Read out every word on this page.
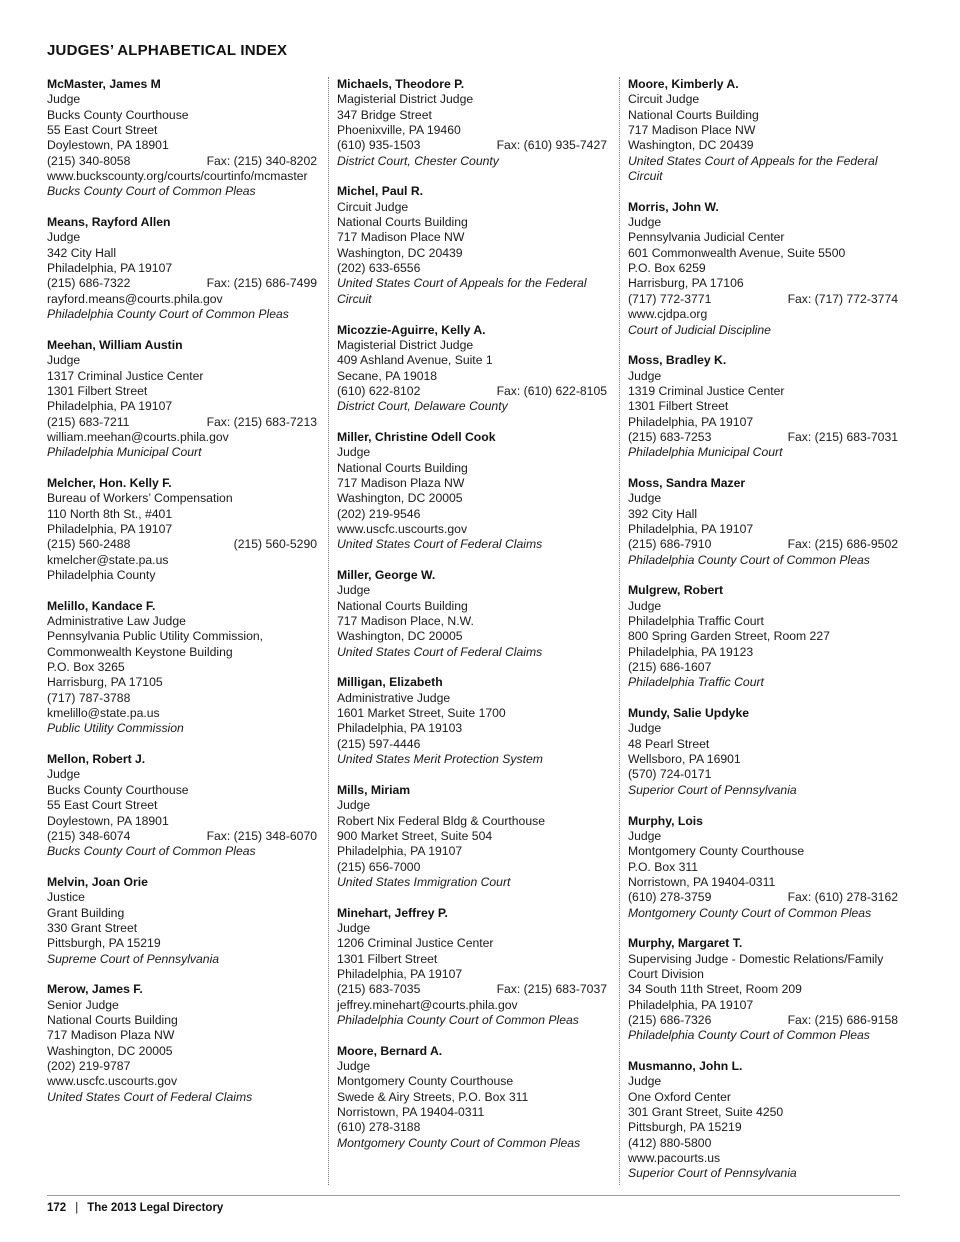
JUDGES’ ALPHABETICAL INDEX
McMaster, James M
Judge
Bucks County Courthouse
55 East Court Street
Doylestown, PA 18901
(215) 340-8058	Fax: (215) 340-8202
www.buckscounty.org/courts/courtinfo/mcmaster
Bucks County Court of Common Pleas
Means, Rayford Allen
Judge
342 City Hall
Philadelphia, PA 19107
(215) 686-7322	Fax: (215) 686-7499
rayford.means@courts.phila.gov
Philadelphia County Court of Common Pleas
Meehan, William Austin
Judge
1317 Criminal Justice Center
1301 Filbert Street
Philadelphia, PA 19107
(215) 683-7211	Fax: (215) 683-7213
william.meehan@courts.phila.gov
Philadelphia Municipal Court
Melcher, Hon. Kelly F.
Bureau of Workers’ Compensation
110 North 8th St., #401
Philadelphia, PA 19107
(215) 560-2488	(215) 560-5290
kmelcher@state.pa.us
Philadelphia County
Melillo, Kandace F.
Administrative Law Judge
Pennsylvania Public Utility Commission,
Commonwealth Keystone Building
P.O. Box 3265
Harrisburg, PA 17105
(717) 787-3788
kmelillo@state.pa.us
Public Utility Commission
Mellon, Robert J.
Judge
Bucks County Courthouse
55 East Court Street
Doylestown, PA 18901
(215) 348-6074	Fax: (215) 348-6070
Bucks County Court of Common Pleas
Melvin, Joan Orie
Justice
Grant Building
330 Grant Street
Pittsburgh, PA 15219
Supreme Court of Pennsylvania
Merow, James F.
Senior Judge
National Courts Building
717 Madison Plaza NW
Washington, DC 20005
(202) 219-9787
www.uscfc.uscourts.gov
United States Court of Federal Claims
Michaels, Theodore P.
Magisterial District Judge
347 Bridge Street
Phoenixville, PA 19460
(610) 935-1503	Fax: (610) 935-7427
District Court, Chester County
Michel, Paul R.
Circuit Judge
National Courts Building
717 Madison Place NW
Washington, DC 20439
(202) 633-6556
United States Court of Appeals for the Federal Circuit
Micozzie-Aguirre, Kelly A.
Magisterial District Judge
409 Ashland Avenue, Suite 1
Secane, PA 19018
(610) 622-8102	Fax: (610) 622-8105
District Court, Delaware County
Miller, Christine Odell Cook
Judge
National Courts Building
717 Madison Plaza NW
Washington, DC 20005
(202) 219-9546
www.uscfc.uscourts.gov
United States Court of Federal Claims
Miller, George W.
Judge
National Courts Building
717 Madison Place, N.W.
Washington, DC 20005
United States Court of Federal Claims
Milligan, Elizabeth
Administrative Judge
1601 Market Street, Suite 1700
Philadelphia, PA 19103
(215) 597-4446
United States Merit Protection System
Mills, Miriam
Judge
Robert Nix Federal Bldg & Courthouse
900 Market Street, Suite 504
Philadelphia, PA 19107
(215) 656-7000
United States Immigration Court
Minehart, Jeffrey P.
Judge
1206 Criminal Justice Center
1301 Filbert Street
Philadelphia, PA 19107
(215) 683-7035	Fax: (215) 683-7037
jeffrey.minehart@courts.phila.gov
Philadelphia County Court of Common Pleas
Moore, Bernard A.
Judge
Montgomery County Courthouse
Swede & Airy Streets, P.O. Box 311
Norristown, PA 19404-0311
(610) 278-3188
Montgomery County Court of Common Pleas
Moore, Kimberly A.
Circuit Judge
National Courts Building
717 Madison Place NW
Washington, DC 20439
United States Court of Appeals for the Federal Circuit
Morris, John W.
Judge
Pennsylvania Judicial Center
601 Commonwealth Avenue, Suite 5500
P.O. Box 6259
Harrisburg, PA 17106
(717) 772-3771	Fax: (717) 772-3774
www.cjdpa.org
Court of Judicial Discipline
Moss, Bradley K.
Judge
1319 Criminal Justice Center
1301 Filbert Street
Philadelphia, PA 19107
(215) 683-7253	Fax: (215) 683-7031
Philadelphia Municipal Court
Moss, Sandra Mazer
Judge
392 City Hall
Philadelphia, PA 19107
(215) 686-7910	Fax: (215) 686-9502
Philadelphia County Court of Common Pleas
Mulgrew, Robert
Judge
Philadelphia Traffic Court
800 Spring Garden Street, Room 227
Philadelphia, PA 19123
(215) 686-1607
Philadelphia Traffic Court
Mundy, Salie Updyke
Judge
48 Pearl Street
Wellsboro, PA 16901
(570) 724-0171
Superior Court of Pennsylvania
Murphy, Lois
Judge
Montgomery County Courthouse
P.O. Box 311
Norristown, PA 19404-0311
(610) 278-3759	Fax: (610) 278-3162
Montgomery County Court of Common Pleas
Murphy, Margaret T.
Supervising Judge - Domestic Relations/Family
Court Division
34 South 11th Street, Room 209
Philadelphia, PA 19107
(215) 686-7326	Fax: (215) 686-9158
Philadelphia County Court of Common Pleas
Musmanno, John L.
Judge
One Oxford Center
301 Grant Street, Suite 4250
Pittsburgh, PA 15219
(412) 880-5800
www.pacourts.us
Superior Court of Pennsylvania
172 | The 2013 Legal Directory
